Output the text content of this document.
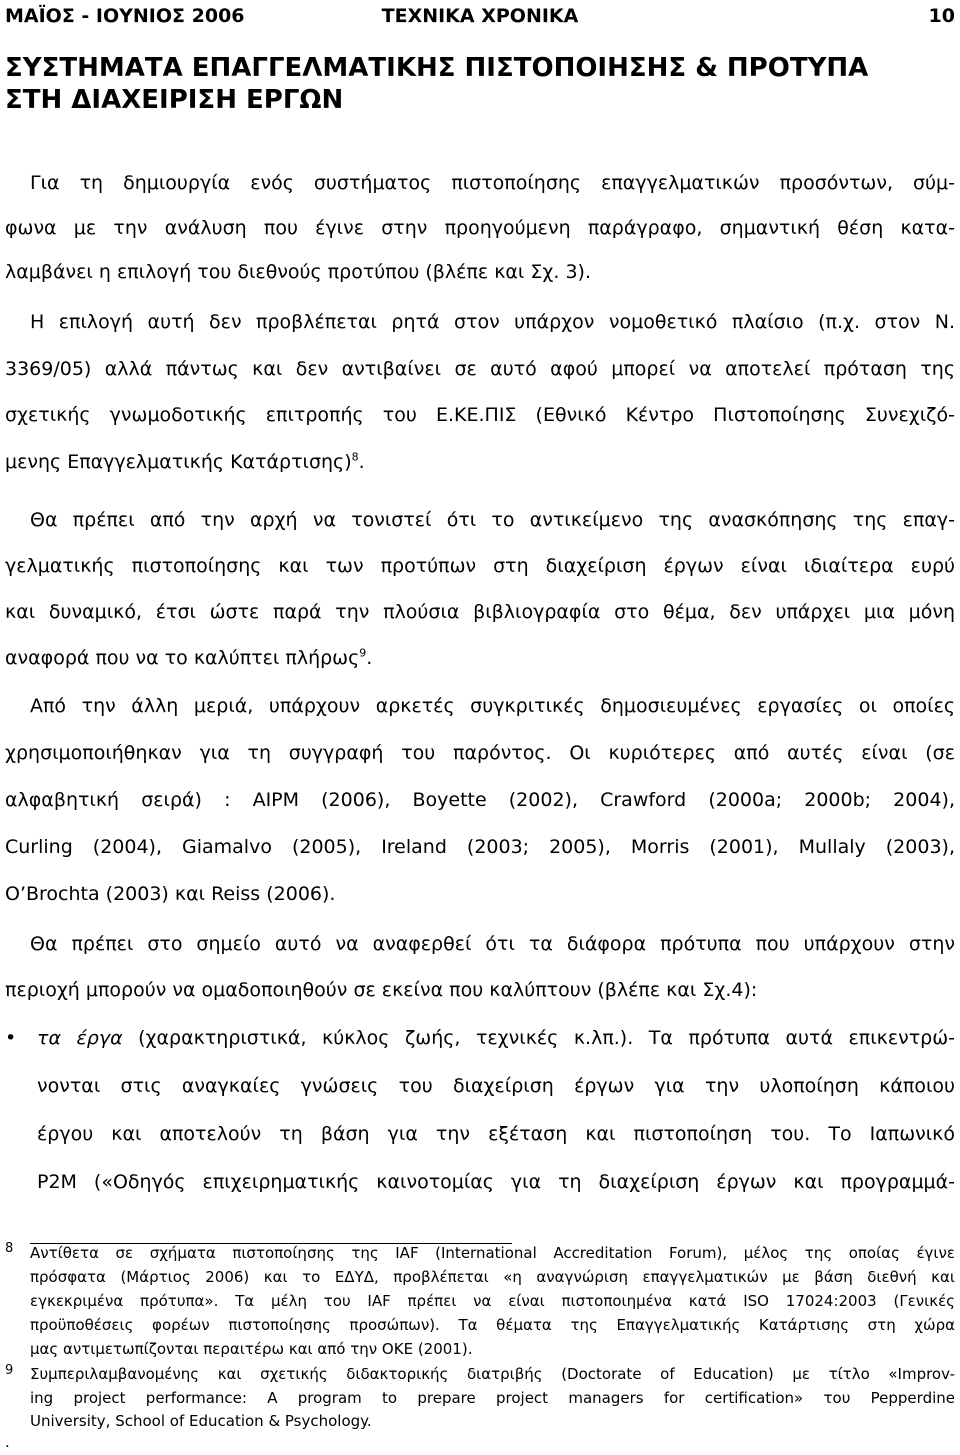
ΜΑΪΟΣ - ΙΟΥΝΙΟΣ 2006	ΤΕΧΝΙΚΑ ΧΡΟΝΙΚΑ	10
ΣΥΣΤΗΜΑΤΑ ΕΠΑΓΓΕΛΜΑΤΙΚΗΣ ΠΙΣΤΟΠΟΙΗΣΗΣ & ΠΡΟΤΥΠΑ
ΣΤΗ ΔΙΑΧΕΙΡΙΣΗ ΕΡΓΩΝ
Για τη δημιουργία ενός συστήματος πιστοποίησης επαγγελματικών προσόντων, σύμ-
φωνα με την ανάλυση που έγινε στην προηγούμενη παράγραφο, σημαντική θέση κατα-
λαμβάνει η επιλογή του διεθνούς προτύπου (βλέπε και Σχ. 3).
Η επιλογή αυτή δεν προβλέπεται ρητά στον υπάρχον νομοθετικό πλαίσιο (π.χ. στον Ν.
3369/05) αλλά πάντως και δεν αντιβαίνει σε αυτό αφού μπορεί να αποτελεί πρόταση της
σχετικής γνωμοδοτικής επιτροπής του Ε.ΚΕ.ΠΙΣ (Εθνικό Κέντρο Πιστοποίησης Συνεχιζό-
μενης Επαγγελματικής Κατάρτισης)$^8$.
Θα πρέπει από την αρχή να τονιστεί ότι το αντικείμενο της ανασκόπησης της επαγ-
γελματικής πιστοποίησης και των προτύπων στη διαχείριση έργων είναι ιδιαίτερα ευρύ
και δυναμικό, έτσι ώστε παρά την πλούσια βιβλιογραφία στο θέμα, δεν υπάρχει μια μόνη
αναφορά που να το καλύπτει πλήρως$^9$.
Από την άλλη μεριά, υπάρχουν αρκετές συγκριτικές δημοσιευμένες εργασίες οι οποίες
χρησιμοποιήθηκαν για τη συγγραφή του παρόντος. Οι κυριότερες από αυτές είναι (σε
αλφαβητική σειρά) : AIPM (2006), Boyette (2002), Crawford (2000a; 2000b; 2004),
Curling (2004), Giamalvo (2005), Ireland (2003; 2005), Morris (2001), Mullaly (2003),
O’Brochta (2003) και Reiss (2006).
Θα πρέπει στο σημείο αυτό να αναφερθεί ότι τα διάφορα πρότυπα που υπάρχουν στην
περιοχή μπορούν να ομαδοποιηθούν σε εκείνα που καλύπτουν (βλέπε και Σχ.4):
• τα έργα (χαρακτηριστικά, κύκλος ζωής, τεχνικές κ.λπ.). Τα πρότυπα αυτά επικεντρώ-
νονται στις αναγκαίες γνώσεις του διαχείριση έργων για την υλοποίηση κάποιου
έργου και αποτελούν τη βάση για την εξέταση και πιστοποίηση του. Το Ιαπωνικό
P2M («Οδηγός επιχειρηματικής καινοτομίας για τη διαχείριση έργων και προγραμμά-
8 Αντίθετα σε σχήματα πιστοποίησης της IAF (International Accreditation Forum), μέλος της οποίας έγινε
πρόσφατα (Μάρτιος 2006) και το ΕΔΥΔ, προβλέπεται «η αναγνώριση επαγγελματικών με βάση διεθνή και
εγκεκριμένα πρότυπα». Τα μέλη του IAF πρέπει να είναι πιστοποιημένα κατά ISO 17024:2003 (Γενικές
προϋποθέσεις φορέων πιστοποίησης προσώπων). Τα θέματα της Επαγγελματικής Κατάρτισης στη χώρα
μας αντιμετωπίζονται περαιτέρω και από την ΟΚΕ (2001).
9 Συμπεριλαμβανομένης και σχετικής διδακτορικής διατριβής (Doctorate of Education) με τίτλο «Improv-
ing project performance: A program to prepare project managers for certification» του Pepperdine
University, School of Education & Psychology.
.
